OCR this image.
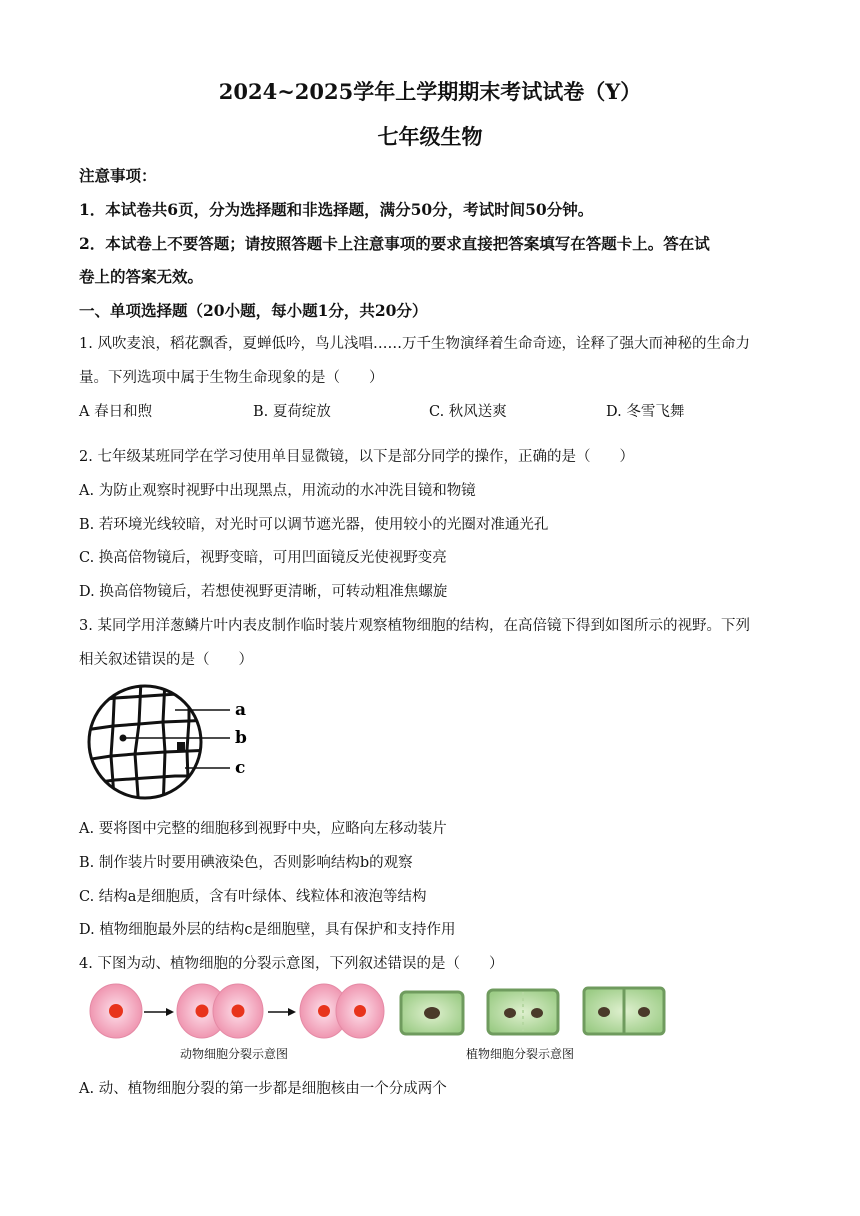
2024~2025学年上学期期末考试试卷（Y）
七年级生物
注意事项：
1．本试卷共6页，分为选择题和非选择题，满分50分，考试时间50分钟。
2．本试卷上不要答题；请按照答题卡上注意事项的要求直接把答案填写在答题卡上。答在试
卷上的答案无效。
一、单项选择题（20小题，每小题1分，共20分）
1. 风吹麦浪，稻花飘香，夏蝉低吟，鸟儿浅唱……万千生物演绎着生命奇迹，诠释了强大而神秘的生命力
量。下列选项中属于生物生命现象的是（　　）
A 春日和煦	B. 夏荷绽放	C. 秋风送爽	D. 冬雪飞舞
2. 七年级某班同学在学习使用单目显微镜，以下是部分同学的操作，正确的是（　　）
A. 为防止观察时视野中出现黑点，用流动的水冲洗目镜和物镜
B. 若环境光线较暗，对光时可以调节遮光器，使用较小的光圈对准通光孔
C. 换高倍物镜后，视野变暗，可用凹面镜反光使视野变亮
D. 换高倍物镜后，若想使视野更清晰，可转动粗准焦螺旋
3. 某同学用洋葱鳞片叶内表皮制作临时装片观察植物细胞的结构，在高倍镜下得到如图所示的视野。下列
相关叙述错误的是（　　）
a
b
c
A. 要将图中完整的细胞移到视野中央，应略向左移动装片
B. 制作装片时要用碘液染色，否则影响结构b的观察
C. 结构a是细胞质，含有叶绿体、线粒体和液泡等结构
D. 植物细胞最外层的结构c是细胞壁，具有保护和支持作用
4. 下图为动、植物细胞的分裂示意图，下列叙述错误的是（　　）
动物细胞分裂示意图	植物细胞分裂示意图
A. 动、植物细胞分裂的第一步都是细胞核由一个分成两个
